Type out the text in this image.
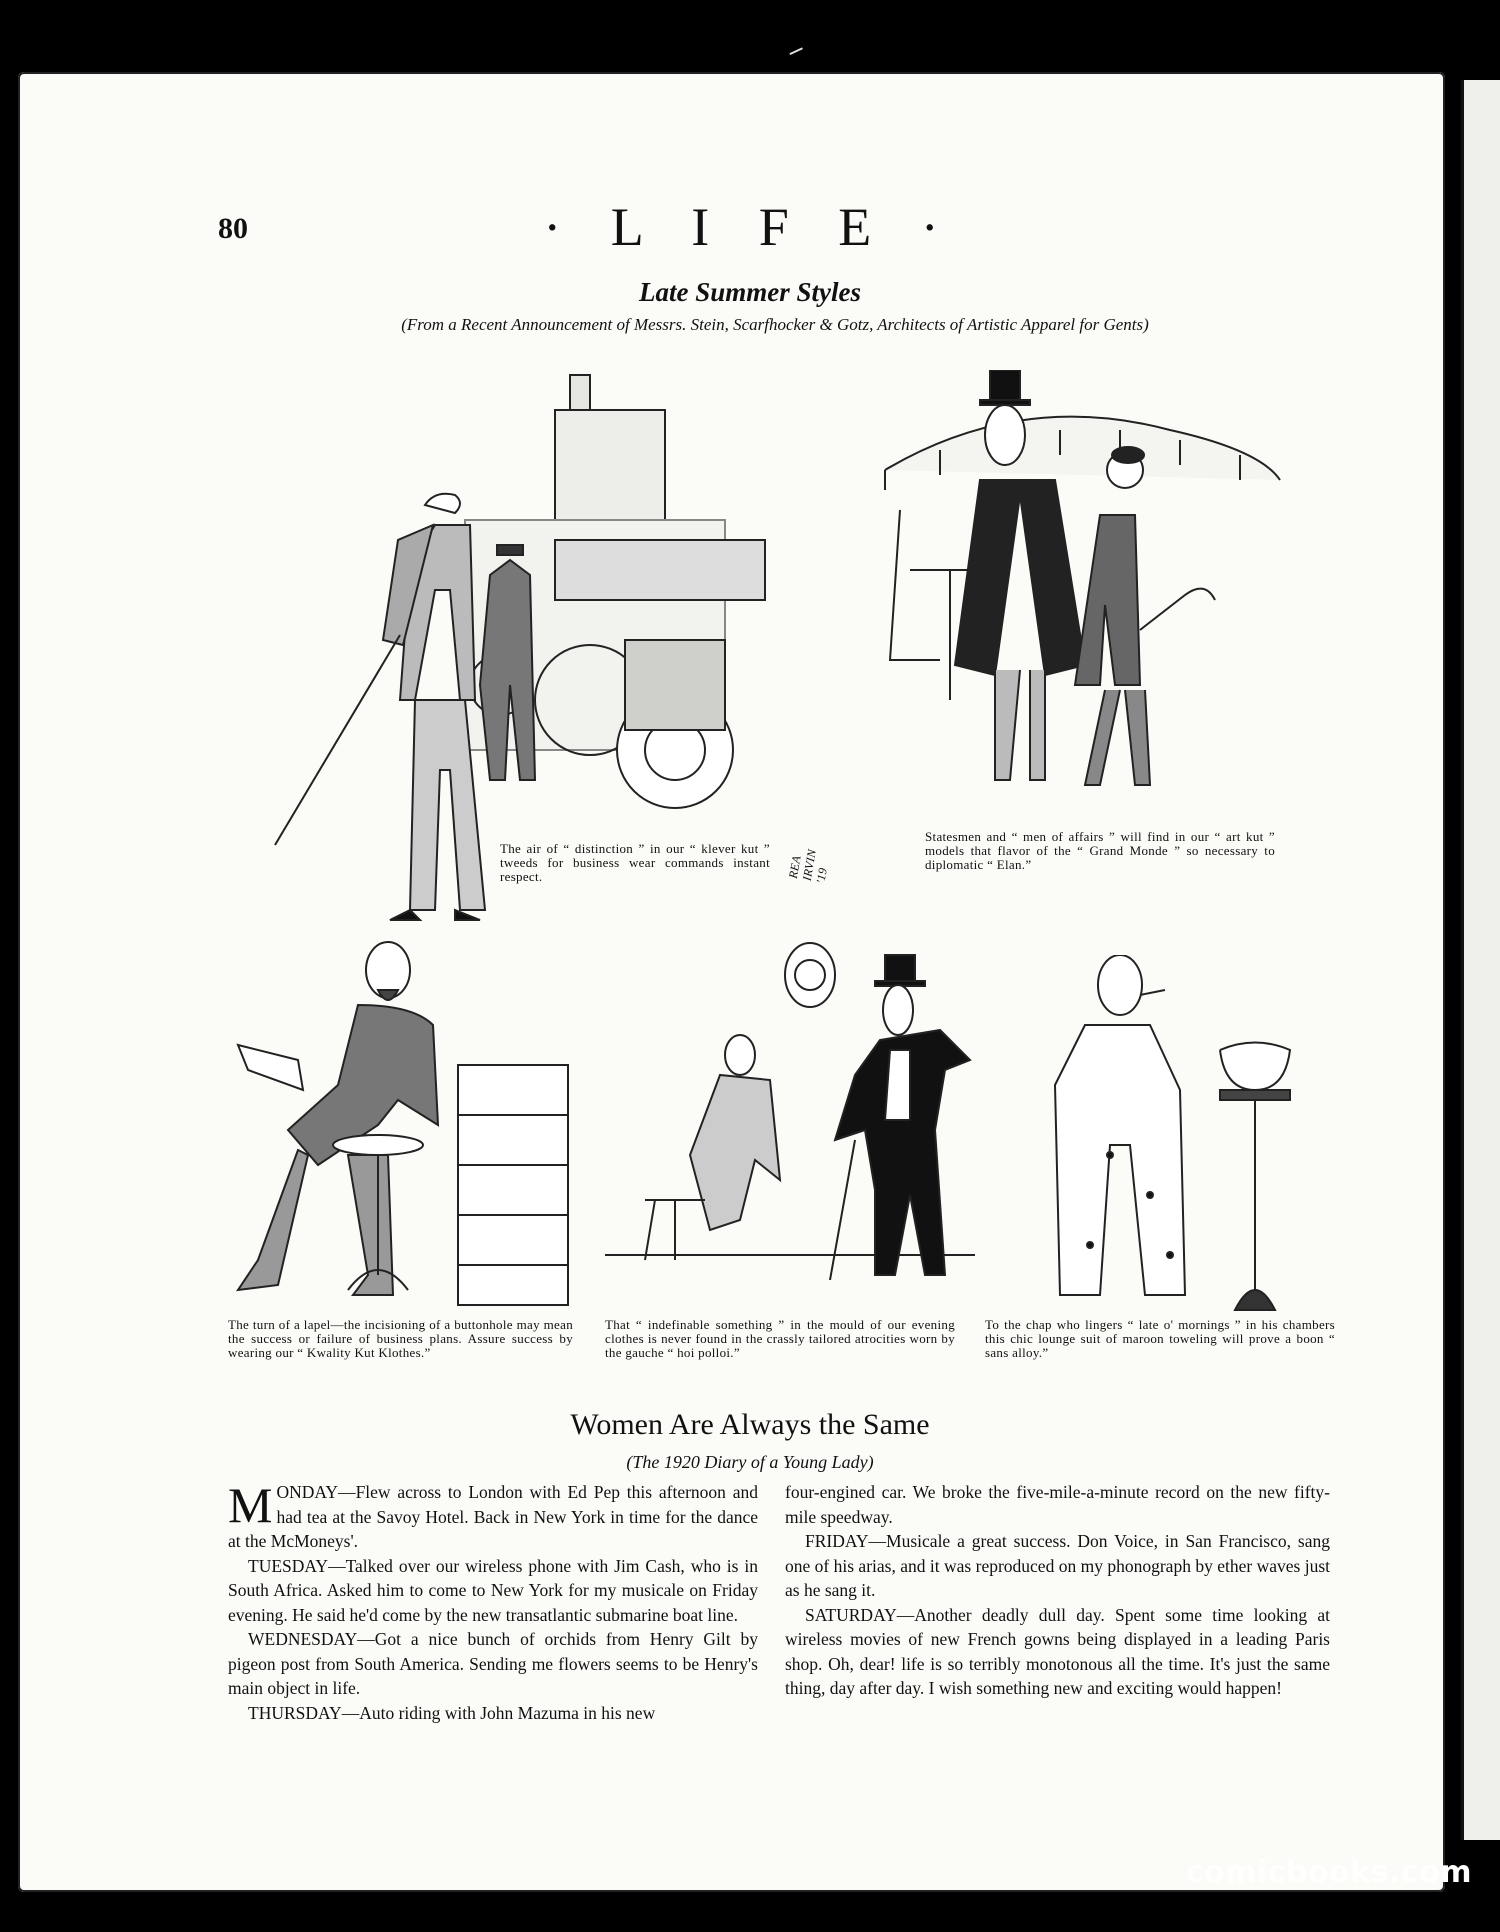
80	· L I F E ·
Late Summer Styles
(From a Recent Announcement of Messrs. Stein, Scarfhocker & Gotz, Architects of Artistic Apparel for Gents)
The air of “ distinction ” in our “ klever kut ” tweeds for business wear commands instant respect.	REA IRVIN '19
Statesmen and “ men of affairs ” will find in our “ art kut ” models that flavor of the “ Grand Monde ” so necessary to diplomatic “ Elan.”
The turn of a lapel—the incisioning of a buttonhole may mean the success or failure of business plans. Assure success by wearing our “ Kwality Kut Klothes.”
That “ indefinable something ” in the mould of our evening clothes is never found in the crassly tailored atrocities worn by the gauche “ hoi polloi.”
To the chap who lingers “ late o' mornings ” in his chambers this chic lounge suit of maroon toweling will prove a boon “ sans alloy.”
Women Are Always the Same
(The 1920 Diary of a Young Lady)

MONDAY—Flew across to London with Ed Pep this afternoon and had tea at the Savoy Hotel. Back in New York in time for the dance at the McMoneys'.

TUESDAY—Talked over our wireless phone with Jim Cash, who is in South Africa. Asked him to come to New York for my musicale on Friday evening. He said he'd come by the new transatlantic submarine boat line.

WEDNESDAY—Got a nice bunch of orchids from Henry Gilt by pigeon post from South America. Sending me flowers seems to be Henry's main object in life.

THURSDAY—Auto riding with John Mazuma in his new

four-engined car. We broke the five-mile-a-minute record on the new fifty-mile speedway.

FRIDAY—Musicale a great success. Don Voice, in San Francisco, sang one of his arias, and it was reproduced on my phonograph by ether waves just as he sang it.

SATURDAY—Another deadly dull day. Spent some time looking at wireless movies of new French gowns being displayed in a leading Paris shop. Oh, dear! life is so terribly monotonous all the time. It's just the same thing, day after day. I wish something new and exciting would happen!

comicbooks.com
